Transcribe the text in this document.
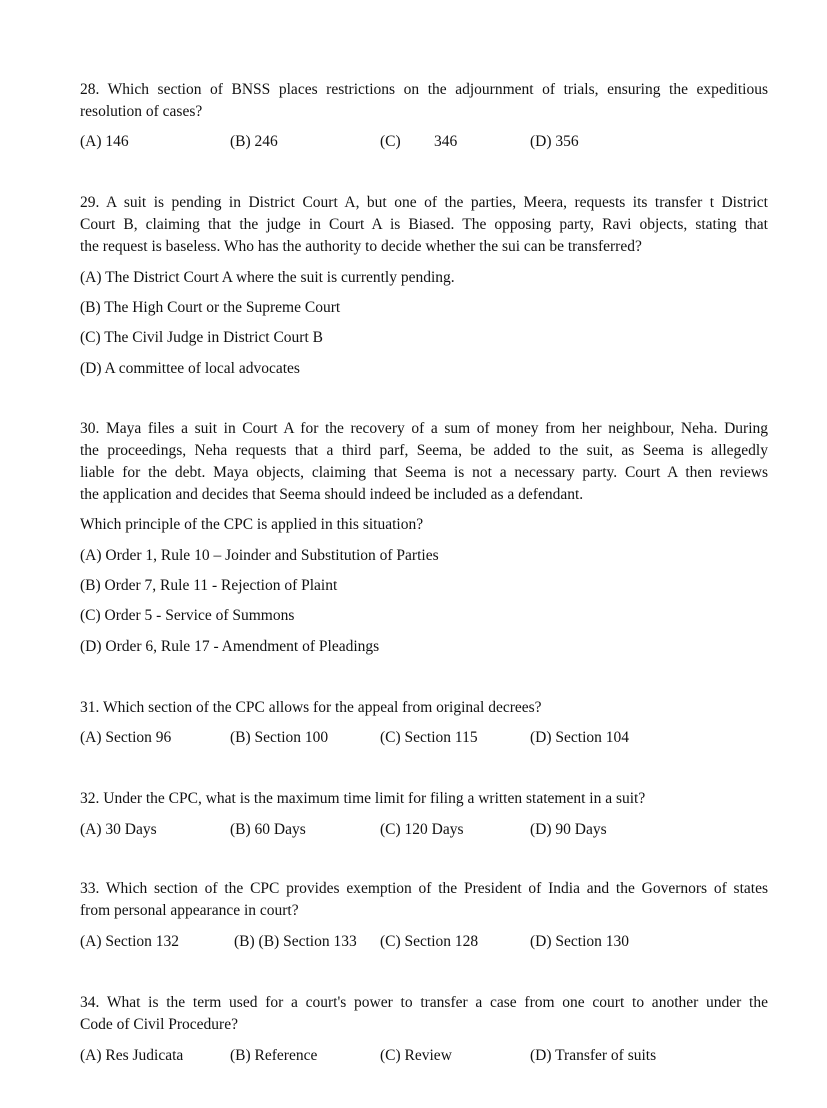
28. Which section of BNSS places restrictions on the adjournment of trials, ensuring the expeditious
resolution of cases?
(A) 146	(B) 246	(C) 346	(D) 356
29. A suit is pending in District Court A, but one of the parties, Meera, requests its transfer t District
Court B, claiming that the judge in Court A is Biased. The opposing party, Ravi objects, stating that
the request is baseless. Who has the authority to decide whether the sui can be transferred?
(A) The District Court A where the suit is currently pending.
(B) The High Court or the Supreme Court
(C) The Civil Judge in District Court B
(D) A committee of local advocates
30. Maya files a suit in Court A for the recovery of a sum of money from her neighbour, Neha. During
the proceedings, Neha requests that a third parf, Seema, be added to the suit, as Seema is allegedly
liable for the debt. Maya objects, claiming that Seema is not a necessary party. Court A then reviews
the application and decides that Seema should indeed be included as a defendant.
Which principle of the CPC is applied in this situation?
(A) Order 1, Rule 10 – Joinder and Substitution of Parties
(B) Order 7, Rule 11 - Rejection of Plaint
(C) Order 5 - Service of Summons
(D) Order 6, Rule 17 - Amendment of Pleadings
31. Which section of the CPC allows for the appeal from original decrees?
(A) Section 96	(B) Section 100	(C) Section 115	(D) Section 104
32. Under the CPC, what is the maximum time limit for filing a written statement in a suit?
(A) 30 Days	(B) 60 Days	(C) 120 Days	(D) 90 Days
33. Which section of the CPC provides exemption of the President of India and the Governors of states
from personal appearance in court?
(A) Section 132	(B) (B) Section 133 (C) Section 128	(D) Section 130
34. What is the term used for a court's power to transfer a case from one court to another under the
Code of Civil Procedure?
(A) Res Judicata	(B) Reference	(C) Review	(D) Transfer of suits
